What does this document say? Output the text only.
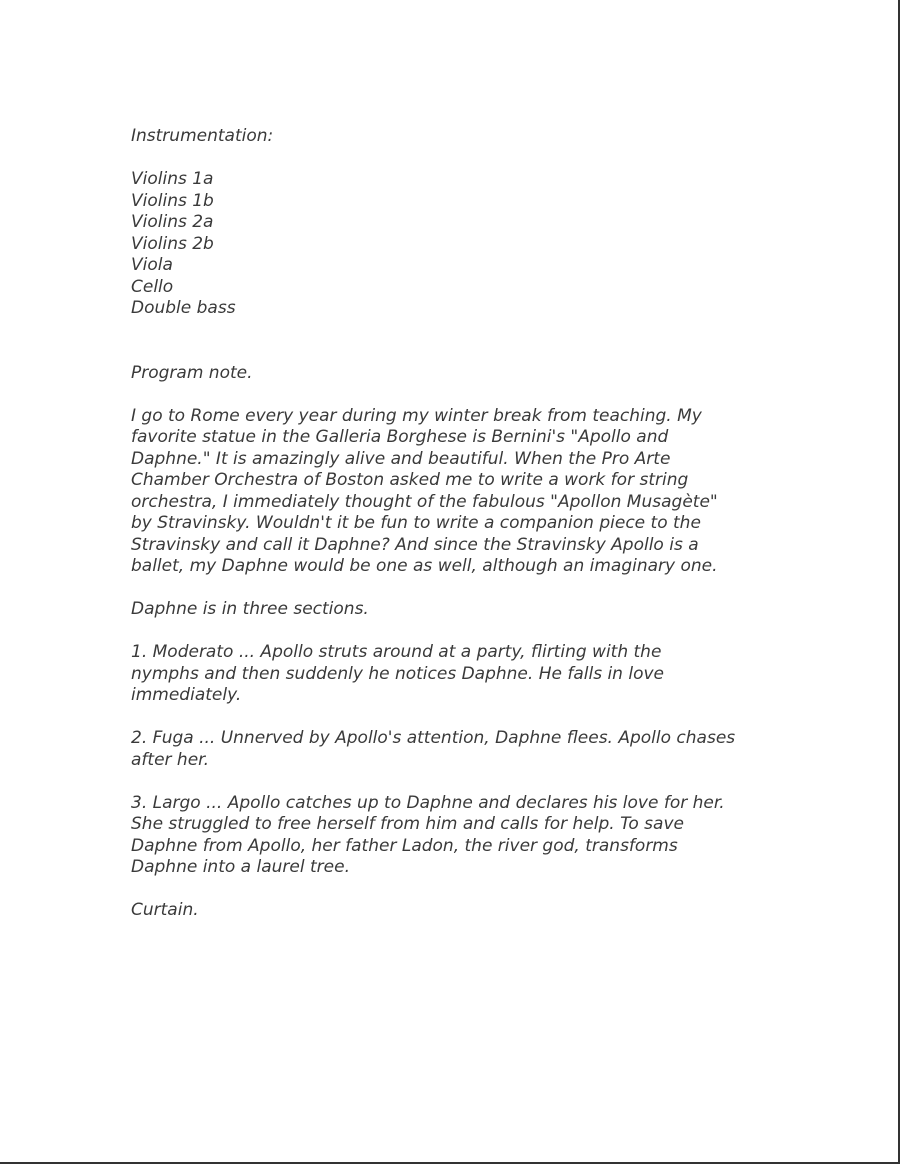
Instrumentation:
Violins 1a
Violins 1b
Violins 2a
Violins 2b
Viola
Cello
Double bass
Program note.
I go to Rome every year during my winter break from teaching. My
favorite statue in the Galleria Borghese is Bernini's "Apollo and
Daphne." It is amazingly alive and beautiful. When the Pro Arte
Chamber Orchestra of Boston asked me to write a work for string
orchestra, I immediately thought of the fabulous "Apollon Musagète"
by Stravinsky. Wouldn't it be fun to write a companion piece to the
Stravinsky and call it Daphne? And since the Stravinsky Apollo is a
ballet, my Daphne would be one as well, although an imaginary one.
Daphne is in three sections.
1. Moderato ... Apollo struts around at a party, flirting with the
nymphs and then suddenly he notices Daphne. He falls in love
immediately.
2. Fuga ... Unnerved by Apollo's attention, Daphne flees. Apollo chases
after her.
3. Largo ... Apollo catches up to Daphne and declares his love for her.
She struggled to free herself from him and calls for help. To save
Daphne from Apollo, her father Ladon, the river god, transforms
Daphne into a laurel tree.
Curtain.
